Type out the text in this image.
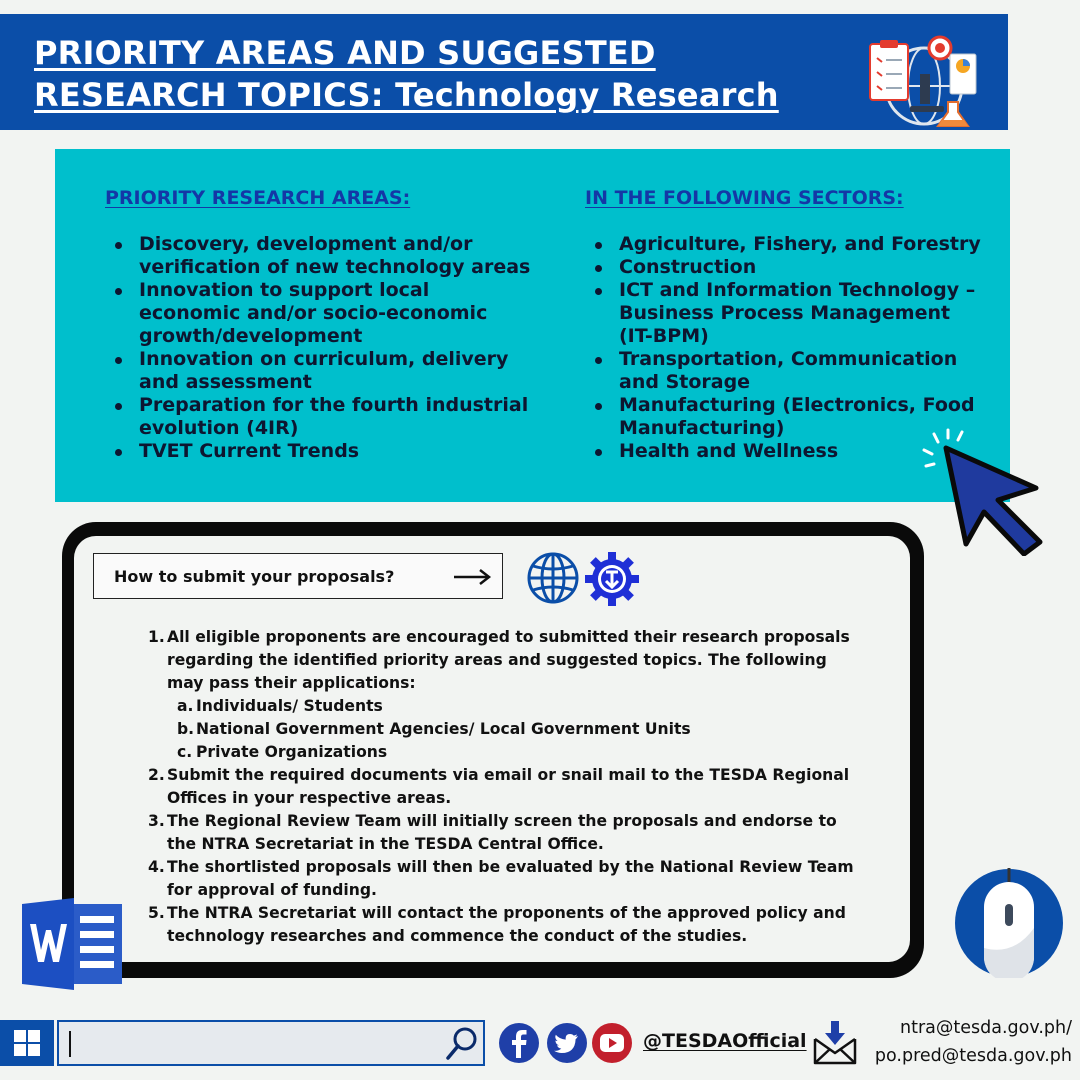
PRIORITY AREAS AND SUGGESTED
RESEARCH TOPICS: Technology Research
PRIORITY RESEARCH AREAS:
Discovery, development and/or verification of new technology areas
Innovation to support local economic and/or socio-economic growth/development
Innovation on curriculum, delivery and assessment
Preparation for the fourth industrial evolution (4IR)
TVET Current Trends
IN THE FOLLOWING SECTORS:
Agriculture, Fishery, and Forestry
Construction
ICT and Information Technology – Business Process Management (IT-BPM)
Transportation, Communication and Storage
Manufacturing (Electronics, Food Manufacturing)
Health and Wellness
How to submit your proposals?
1. All eligible proponents are encouraged to submitted their research proposals regarding the identified priority areas and suggested topics. The following may pass their applications:
a. Individuals/ Students
b. National Government Agencies/ Local Government Units
c. Private Organizations
2. Submit the required documents via email or snail mail to the TESDA Regional Offices in your respective areas.
3. The Regional Review Team will initially screen the proposals and endorse to the NTRA Secretariat in the TESDA Central Office.
4. The shortlisted proposals will then be evaluated by the National Review Team for approval of funding.
5. The NTRA Secretariat will contact the proponents of the approved policy and technology researches and commence the conduct of the studies.
@TESDAOfficial
ntra@tesda.gov.ph/
po.pred@tesda.gov.ph
